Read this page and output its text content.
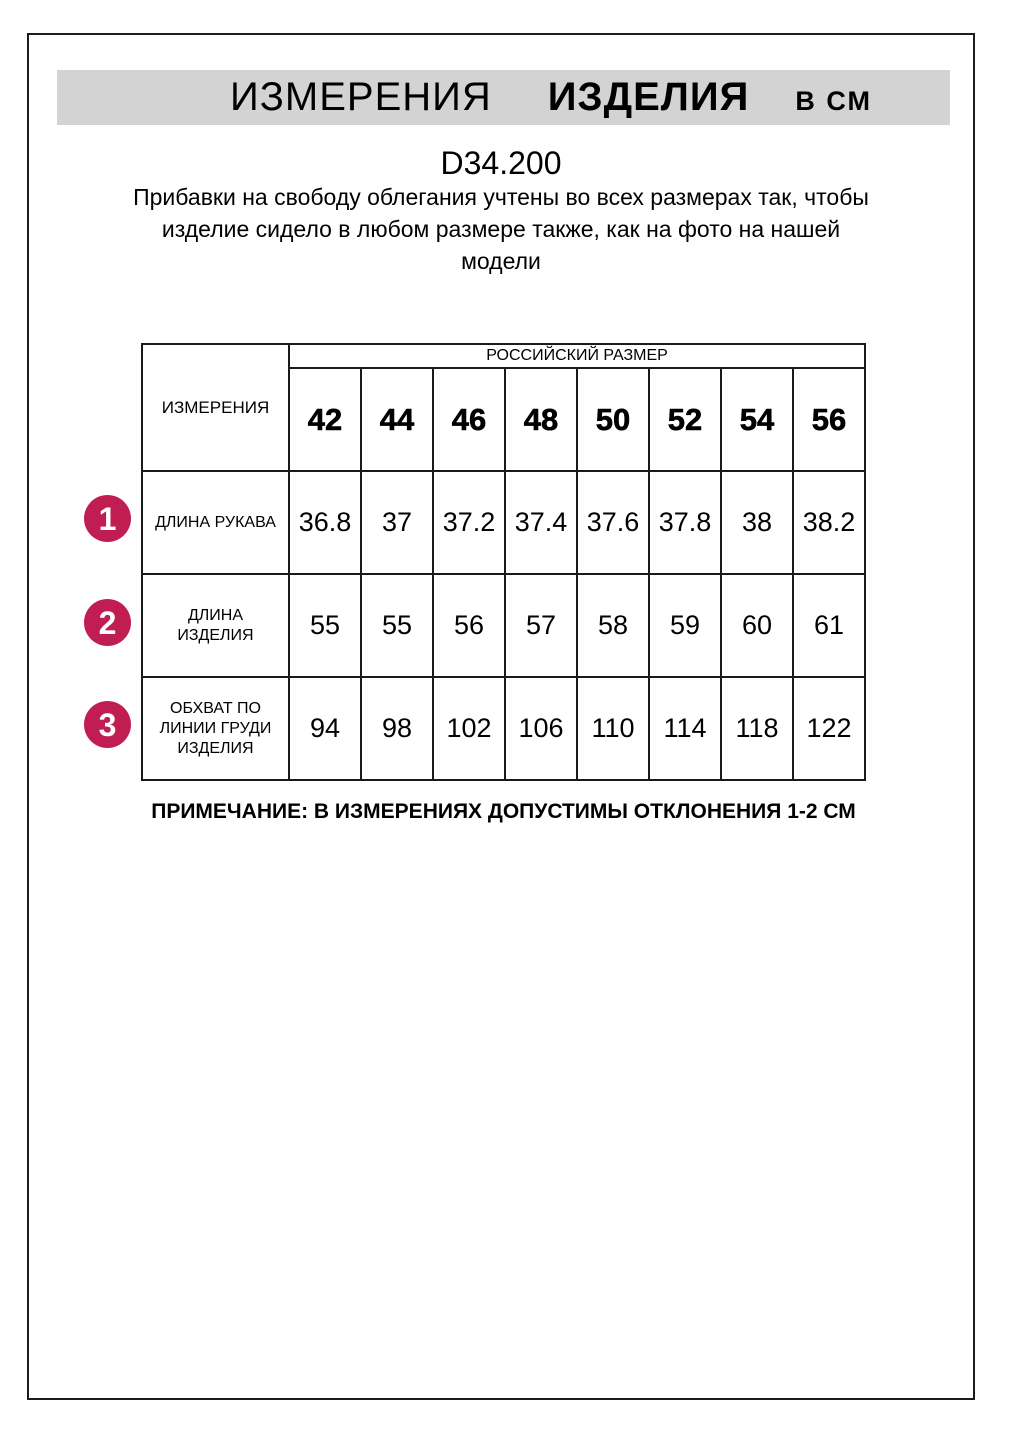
ИЗМЕРЕНИЯ ИЗДЕЛИЯ В СМ
D34.200
Прибавки на свободу облегания учтены во всех размерах так, чтобы
изделие сидело в любом размере также, как на фото на нашей
модели
ИЗМЕРЕНИЯ	РОССИЙСКИЙ РАЗМЕР							
	42	44	46	48	50	52	54	56

ДЛИНА РУКАВА	36.8	37	37.2	37.4	37.6	37.8	38	38.2

ДЛИНА
ИЗДЕЛИЯ	55	55	56	57	58	59	60	61

ОБХВАТ ПО
ЛИНИИ ГРУДИ
ИЗДЕЛИЯ	94	98	102	106	110	114	118	122
1
2
3
ПРИМЕЧАНИЕ: В ИЗМЕРЕНИЯХ ДОПУСТИМЫ ОТКЛОНЕНИЯ 1-2 СМ
